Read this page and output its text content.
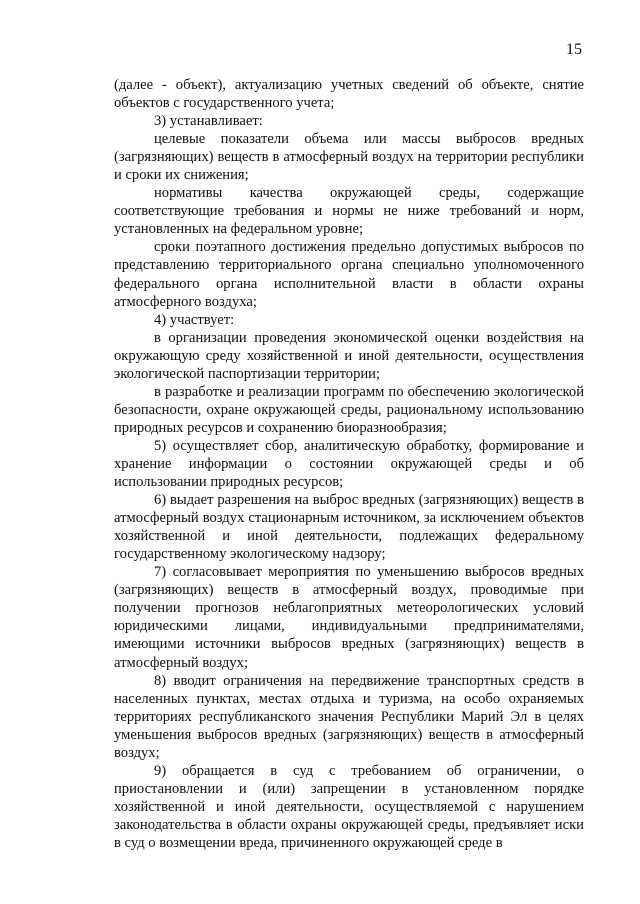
15

(далее - объект), актуализацию учетных сведений об объекте, снятие объектов с государственного учета;

3) устанавливает:

целевые показатели объема или массы выбросов вредных (загрязняющих) веществ в атмосферный воздух на территории республики и сроки их снижения;

нормативы качества окружающей среды, содержащие соответствующие требования и нормы не ниже требований и норм, установленных на федеральном уровне;

сроки поэтапного достижения предельно допустимых выбросов по представлению территориального органа специально уполномоченного федерального органа исполнительной власти в области охраны атмосферного воздуха;

4) участвует:

в организации проведения экономической оценки воздействия на окружающую среду хозяйственной и иной деятельности, осуществления экологической паспортизации территории;

в разработке и реализации программ по обеспечению экологической безопасности, охране окружающей среды, рациональному использованию природных ресурсов и сохранению биоразнообразия;

5) осуществляет сбор, аналитическую обработку, формирование и хранение информации о состоянии окружающей среды и об использовании природных ресурсов;

6) выдает разрешения на выброс вредных (загрязняющих) веществ в атмосферный воздух стационарным источником, за исключением объектов хозяйственной и иной деятельности, подлежащих федеральному государственному экологическому надзору;

7) согласовывает мероприятия по уменьшению выбросов вредных (загрязняющих) веществ в атмосферный воздух, проводимые при получении прогнозов неблагоприятных метеорологических условий юридическими лицами, индивидуальными предпринимателями, имеющими источники выбросов вредных (загрязняющих) веществ в атмосферный воздух;

8) вводит ограничения на передвижение транспортных средств в населенных пунктах, местах отдыха и туризма, на особо охраняемых территориях республиканского значения Республики Марий Эл в целях уменьшения выбросов вредных (загрязняющих) веществ в атмосферный воздух;

9) обращается в суд с требованием об ограничении, о приостановлении и (или) запрещении в установленном порядке хозяйственной и иной деятельности, осуществляемой с нарушением законодательства в области охраны окружающей среды, предъявляет иски в суд о возмещении вреда, причиненного окружающей среде в
